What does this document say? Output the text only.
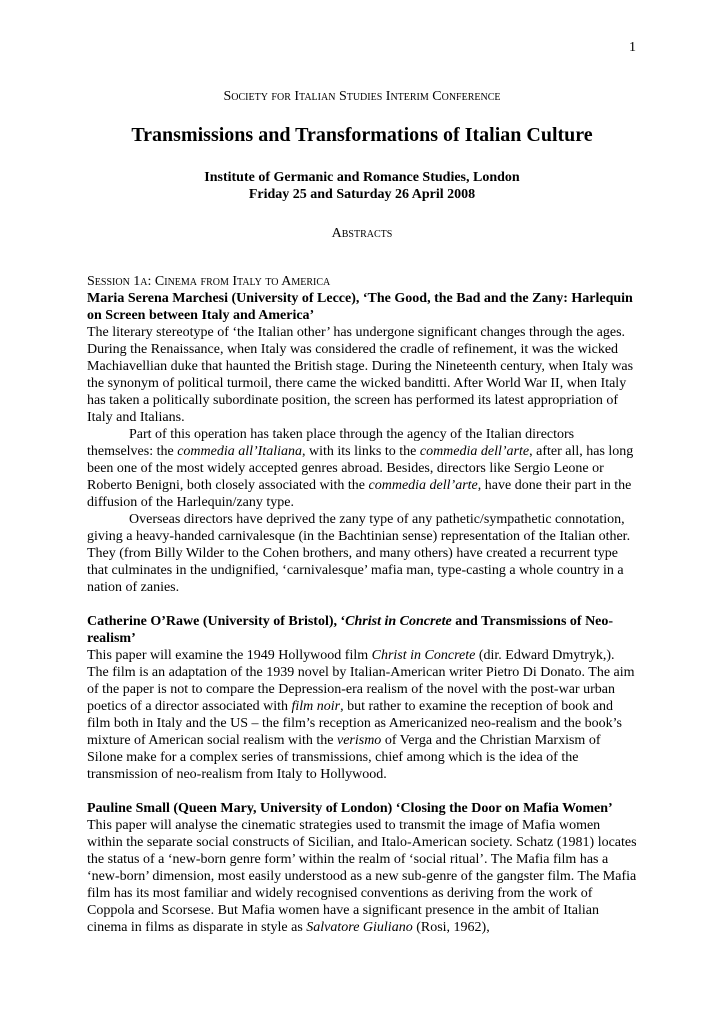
1
Society for Italian Studies Interim Conference
Transmissions and Transformations of Italian Culture
Institute of Germanic and Romance Studies, London
Friday 25 and Saturday 26 April 2008
Abstracts
Session 1a: Cinema from Italy to America

Maria Serena Marchesi (University of Lecce), ‘The Good, the Bad and the Zany: Harlequin on Screen between Italy and America’

The literary stereotype of ‘the Italian other’ has undergone significant changes through the ages. During the Renaissance, when Italy was considered the cradle of refinement, it was the wicked Machiavellian duke that haunted the British stage. During the Nineteenth century, when Italy was the synonym of political turmoil, there came the wicked banditti. After World War II, when Italy has taken a politically subordinate position, the screen has performed its latest appropriation of Italy and Italians.

Part of this operation has taken place through the agency of the Italian directors themselves: the commedia all’Italiana, with its links to the commedia dell’arte, after all, has long been one of the most widely accepted genres abroad. Besides, directors like Sergio Leone or Roberto Benigni, both closely associated with the commedia dell’arte, have done their part in the diffusion of the Harlequin/zany type.

Overseas directors have deprived the zany type of any pathetic/sympathetic connotation, giving a heavy-handed carnivalesque (in the Bachtinian sense) representation of the Italian other. They (from Billy Wilder to the Cohen brothers, and many others) have created a recurrent type that culminates in the undignified, ‘carnivalesque’ mafia man, type-casting a whole country in a nation of zanies.

Catherine O’Rawe (University of Bristol), ‘Christ in Concrete and Transmissions of Neo-realism’

This paper will examine the 1949 Hollywood film Christ in Concrete (dir. Edward Dmytryk,). The film is an adaptation of the 1939 novel by Italian-American writer Pietro Di Donato. The aim of the paper is not to compare the Depression-era realism of the novel with the post-war urban poetics of a director associated with film noir, but rather to examine the reception of book and film both in Italy and the US – the film’s reception as Americanized neo-realism and the book’s mixture of American social realism with the verismo of Verga and the Christian Marxism of Silone make for a complex series of transmissions, chief among which is the idea of the transmission of neo-realism from Italy to Hollywood.

Pauline Small (Queen Mary, University of London) ‘Closing the Door on Mafia Women’

This paper will analyse the cinematic strategies used to transmit the image of Mafia women within the separate social constructs of Sicilian, and Italo-American society. Schatz (1981) locates the status of a ‘new-born genre form’ within the realm of ‘social ritual’. The Mafia film has a ‘new-born’ dimension, most easily understood as a new sub-genre of the gangster film. The Mafia film has its most familiar and widely recognised conventions as deriving from the work of Coppola and Scorsese. But Mafia women have a significant presence in the ambit of Italian cinema in films as disparate in style as Salvatore Giuliano (Rosi, 1962),
